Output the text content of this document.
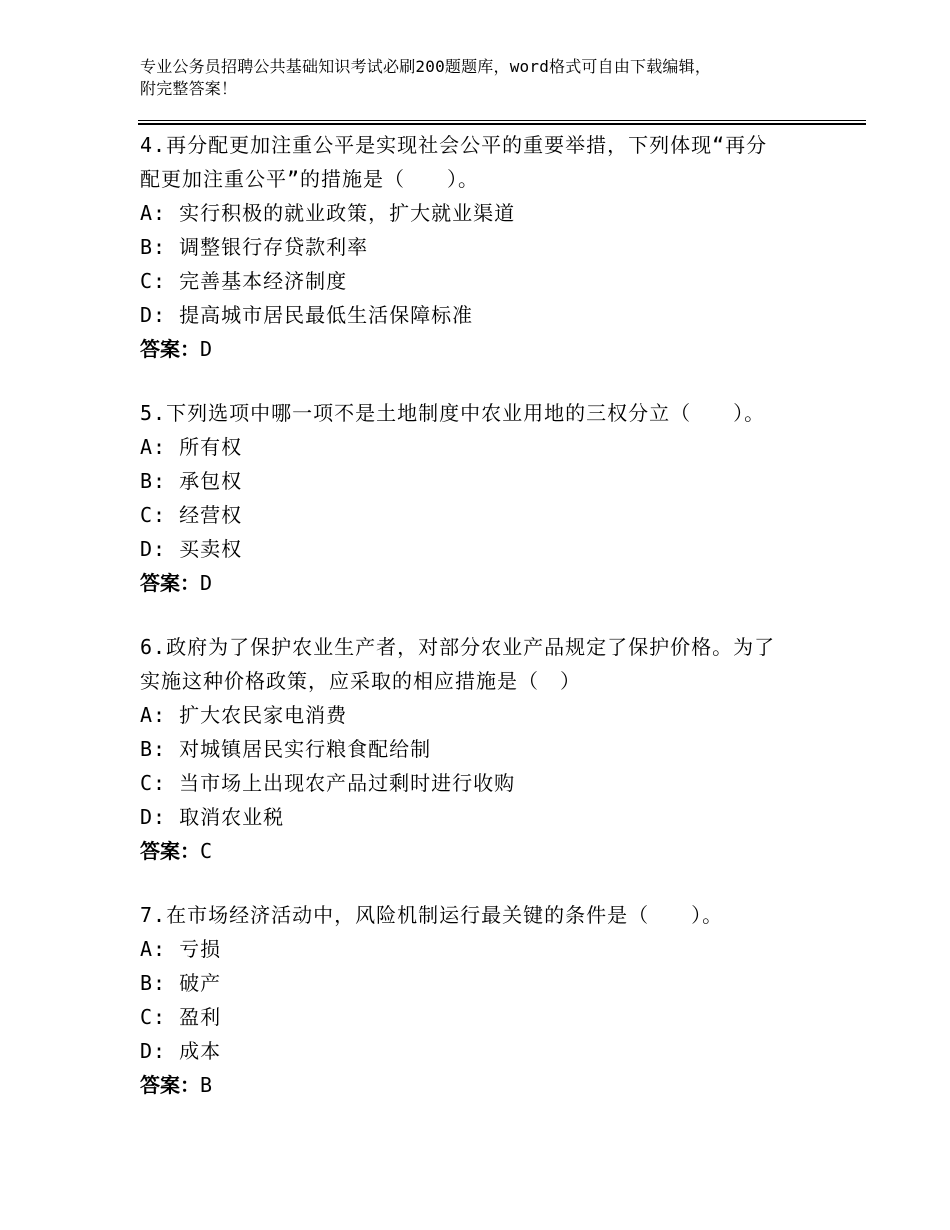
专业公务员招聘公共基础知识考试必刷200题题库，word格式可自由下载编辑，
附完整答案！

4.再分配更加注重公平是实现社会公平的重要举措，下列体现“再分
配更加注重公平”的措施是（　　）。

A: 实行积极的就业政策，扩大就业渠道

B: 调整银行存贷款利率

C: 完善基本经济制度

D: 提高城市居民最低生活保障标准

答案：D

5.下列选项中哪一项不是土地制度中农业用地的三权分立（　　）。

A: 所有权

B: 承包权

C: 经营权

D: 买卖权

答案：D

6.政府为了保护农业生产者，对部分农业产品规定了保护价格。为了
实施这种价格政策，应采取的相应措施是（　）

A: 扩大农民家电消费

B: 对城镇居民实行粮食配给制

C: 当市场上出现农产品过剩时进行收购

D: 取消农业税

答案：C

7.在市场经济活动中，风险机制运行最关键的条件是（　　）。

A: 亏损

B: 破产

C: 盈利

D: 成本

答案：B
